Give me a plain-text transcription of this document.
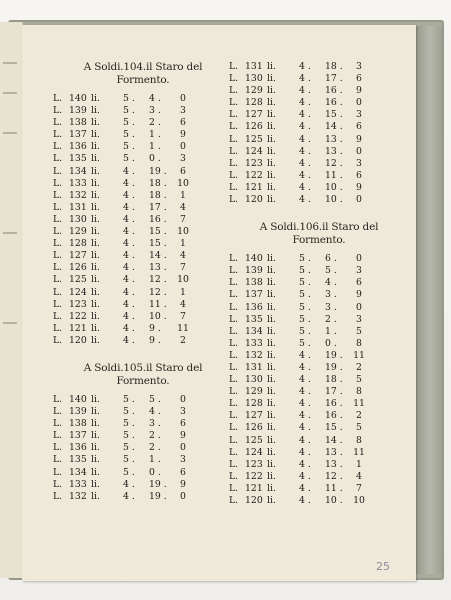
A Soldi.104.il Staro del
Formento.
L. 140 li.	5 .	4 .	0
L. 139 li.	5 .	3 .	3
L. 138 li.	5 .	2 .	6
L. 137 li.	5 .	1 .	9
L. 136 li.	5 .	1 .	0
L. 135 li.	5 .	0 .	3
L. 134 li.	4 .	19 .	6
L. 133 li.	4 .	18 .	10
L. 132 li.	4 .	18 .	1
L. 131 li.	4 .	17 .	4
L. 130 li.	4 .	16 .	7
L. 129 li.	4 .	15 .	10
L. 128 li.	4 .	15 .	1
L. 127 li.	4 .	14 .	4
L. 126 li.	4 .	13 .	7
L. 125 li.	4 .	12 .	10
L. 124 li.	4 .	12 .	1
L. 123 li.	4 .	11 .	4
L. 122 li.	4 .	10 .	7
L. 121 li.	4 .	9 .	11
L. 120 li.	4 .	9 .	2
A Soldi.105.il Staro del
Formento.
L. 140 li.	5 .	5 .	0
L. 139 li.	5 .	4 .	3
L. 138 li.	5 .	3 .	6
L. 137 li.	5 .	2 .	9
L. 136 li.	5 .	2 .	0
L. 135 li.	5 .	1 .	3
L. 134 li.	5 .	0 .	6
L. 133 li.	4 .	19 .	9
L. 132 li.	4 .	19 .	0
L. 131 li.	4 .	18 .	3
L. 130 li.	4 .	17 .	6
L. 129 li.	4 .	16 .	9
L. 128 li.	4 .	16 .	0
L. 127 li.	4 .	15 .	3
L. 126 li.	4 .	14 .	6
L. 125 li.	4 .	13 .	9
L. 124 li.	4 .	13 .	0
L. 123 li.	4 .	12 .	3
L. 122 li.	4 .	11 .	6
L. 121 li.	4 .	10 .	9
L. 120 li.	4 .	10 .	0
A Soldi.106.il Staro del
Formento.
L. 140 li.	5 .	6 .	0
L. 139 li.	5 .	5 .	3
L. 138 li.	5 .	4 .	6
L. 137 li.	5 .	3 .	9
L. 136 li.	5 .	3 .	0
L. 135 li.	5 .	2 .	3
L. 134 li.	5 .	1 .	5
L. 133 li.	5 .	0 .	8
L. 132 li.	4 .	19 .	11
L. 131 li.	4 .	19 .	2
L. 130 li.	4 .	18 .	5
L. 129 li.	4 .	17 .	8
L. 128 li.	4 .	16 .	11
L. 127 li.	4 .	16 .	2
L. 126 li.	4 .	15 .	5
L. 125 li.	4 .	14 .	8
L. 124 li.	4 .	13 .	11
L. 123 li.	4 .	13 .	1
L. 122 li.	4 .	12 .	4
L. 121 li.	4 .	11 .	7
L. 120 li.	4 .	10 .	10
25
